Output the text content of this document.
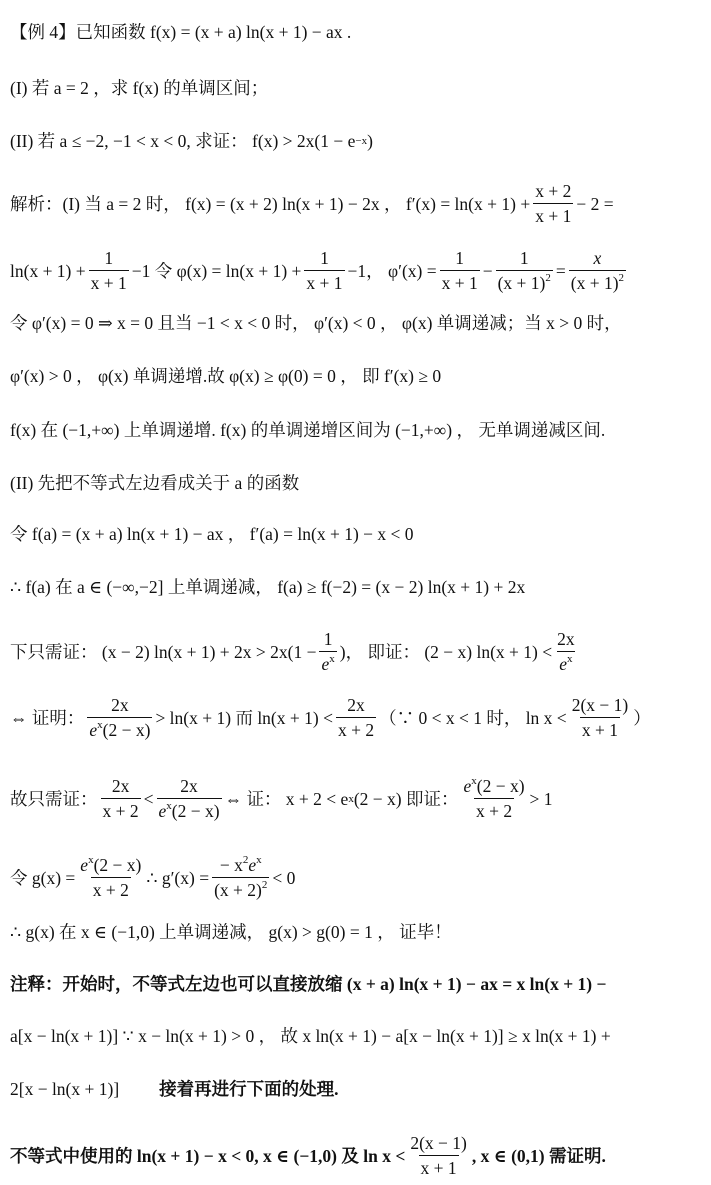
【例 4】已知函数 f(x) = (x + a) ln(x + 1) − ax .
(I) 若 a = 2 ，求 f(x) 的单调区间；
(II) 若 a ≤ −2, −1 < x < 0, 求证： f(x) > 2x(1 − e −x )
解析：(I) 当 a = 2 时， f(x) = (x + 2) ln(x + 1) − 2x ， $f'(x) = \ln(x + 1) + \frac{x + 2}{x + 1} - 2$ =
$\ln(x + 1) + \frac{1}{x + 1} -1$ 令 $\varphi(x) = \ln(x + 1) + \frac{1}{x + 1} -1$， $\varphi'(x) = \frac{1}{x + 1} - \frac{1}{(x + 1)^2} = \frac{x}{(x + 1)^2}$
令 φ′(x) = 0 ⇒ x = 0 且当 −1 < x < 0 时， φ′(x) < 0 ， φ(x) 单调递减；当 x > 0 时，
φ′(x) > 0 ， φ(x) 单调递增.故 φ(x) ≥ φ(0) = 0 ， 即 f′(x) ≥ 0
f(x) 在 (−1,+∞) 上单调递增. f(x) 的单调递增区间为 (−1,+∞) ， 无单调递减区间.
(II) 先把不等式左边看成关于 a 的函数
令 f(a) = (x + a) ln(x + 1) − ax ， f′(a) = ln(x + 1) − x < 0
∴ f(a) 在 a ∈ (−∞,−2] 上单调递减， f(a) ≥ f(−2) = (x − 2) ln(x + 1) + 2x
下只需证： (x − 2) $\ln(x + 1) + 2x > 2x(1 - \frac{1}{e^x}$ )， 即证： (2 − x) $\ln(x + 1) < \frac{2x}{e^x}$
⇔ 证明： $\frac{2x}{e^x(2 - x)} > \ln(x + 1)$ 而 $\ln(x + 1) < \frac{2x}{x + 2}$ （∵ 0 < x < 1 时， $\ln x < \frac{2(x - 1)}{x + 1}$ ）
故只需证： $\frac{2x}{x + 2} < \frac{2x}{e^x(2 - x)}$ ⇔ 证： x + 2 < e x (2 − x) 即证： $\frac{e^x(2 - x)}{x + 2} > 1$
令 $g(x) = \frac{e^x(2 - x)}{x + 2}$ ∴ $g'(x) = \frac{- x^2e^x}{(x + 2)^2} < 0$
∴ g(x) 在 x ∈ (−1,0) 上单调递减， g(x) > g(0) = 1 ， 证毕！
注释：开始时，不等式左边也可以直接放缩 (x + a) ln(x + 1) − ax = x ln(x + 1) −
a[x − ln(x + 1)] ∵ x − ln(x + 1) > 0 ， 故 x ln(x + 1) − a[x − ln(x + 1)] ≥ x ln(x + 1) +
2[x − ln(x + 1)] 接着再进行下面的处理.
不等式中使用的 ln(x + 1) − x < 0, x ∈ (−1,0) 及 $\ln x < \frac{2(x - 1)}{x + 1}$ , x ∈ (0,1) 需证明.
